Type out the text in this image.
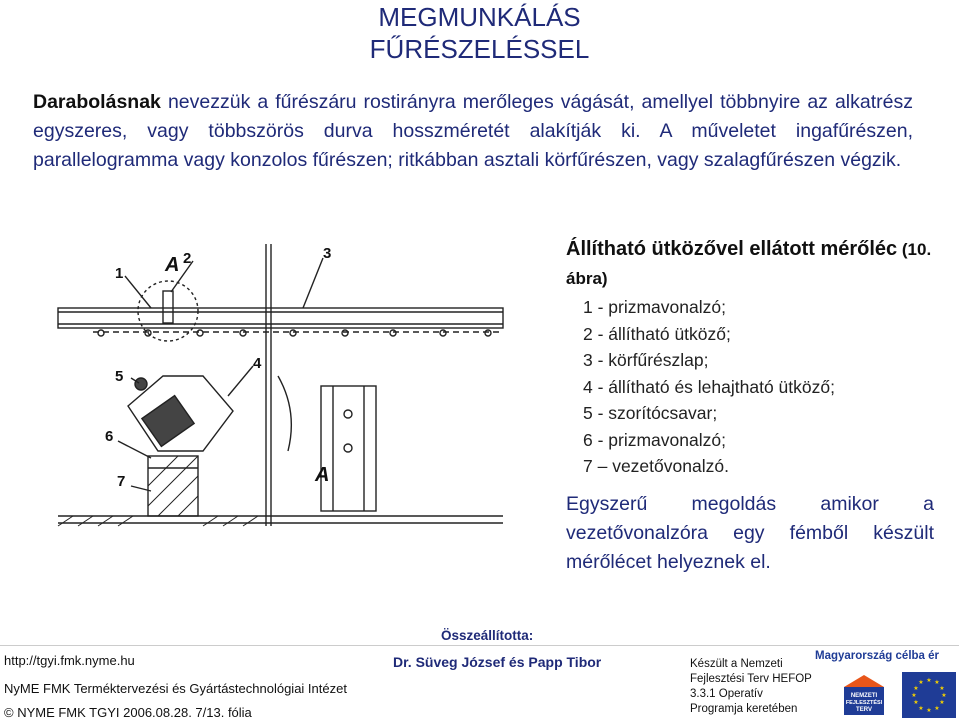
MEGMUNKÁLÁS
FŰRÉSZELÉSSEL
Darabolásnak nevezzük a fűrészáru rostirányra merőleges vágását, amellyel többnyire az alkatrész egyszeres, vagy többszörös durva hosszméretét alakítják ki. A műveletet ingafűrészen, parallelogramma vagy konzolos fűrészen; ritkábban asztali körfűrészen, vagy szalagfűrészen végzik.
1
2	3
4
5
6
7
A
A
Állítható ütközővel ellátott mérőléc (10. ábra)
1 - prizmavonalzó;
2 - állítható ütköző;
3 - körfűrészlap;
4 - állítható és lehajtható ütköző;
5 - szorítócsavar;
6 - prizmavonalzó;
7 – vezetővonalzó.
Egyszerű megoldás amikor a vezetővonalzóra egy fémből készült mérőlécet helyeznek el.
Összeállította:
http://tgyi.fmk.nyme.hu	Dr. Süveg József és Papp Tibor
NyME FMK Terméktervezési és Gyártástechnológiai Intézet
© NYME FMK TGYI 2006.08.28. 7/13. fólia
Készült a Nemzeti
Fejlesztési Terv HEFOP
3.3.1 Operatív
Programja keretében
Magyarország célba ér
NEMZETI
FEJLESZTÉSI
TERV
★ ★
★
★
★
★
★
★
★
★
★
★
